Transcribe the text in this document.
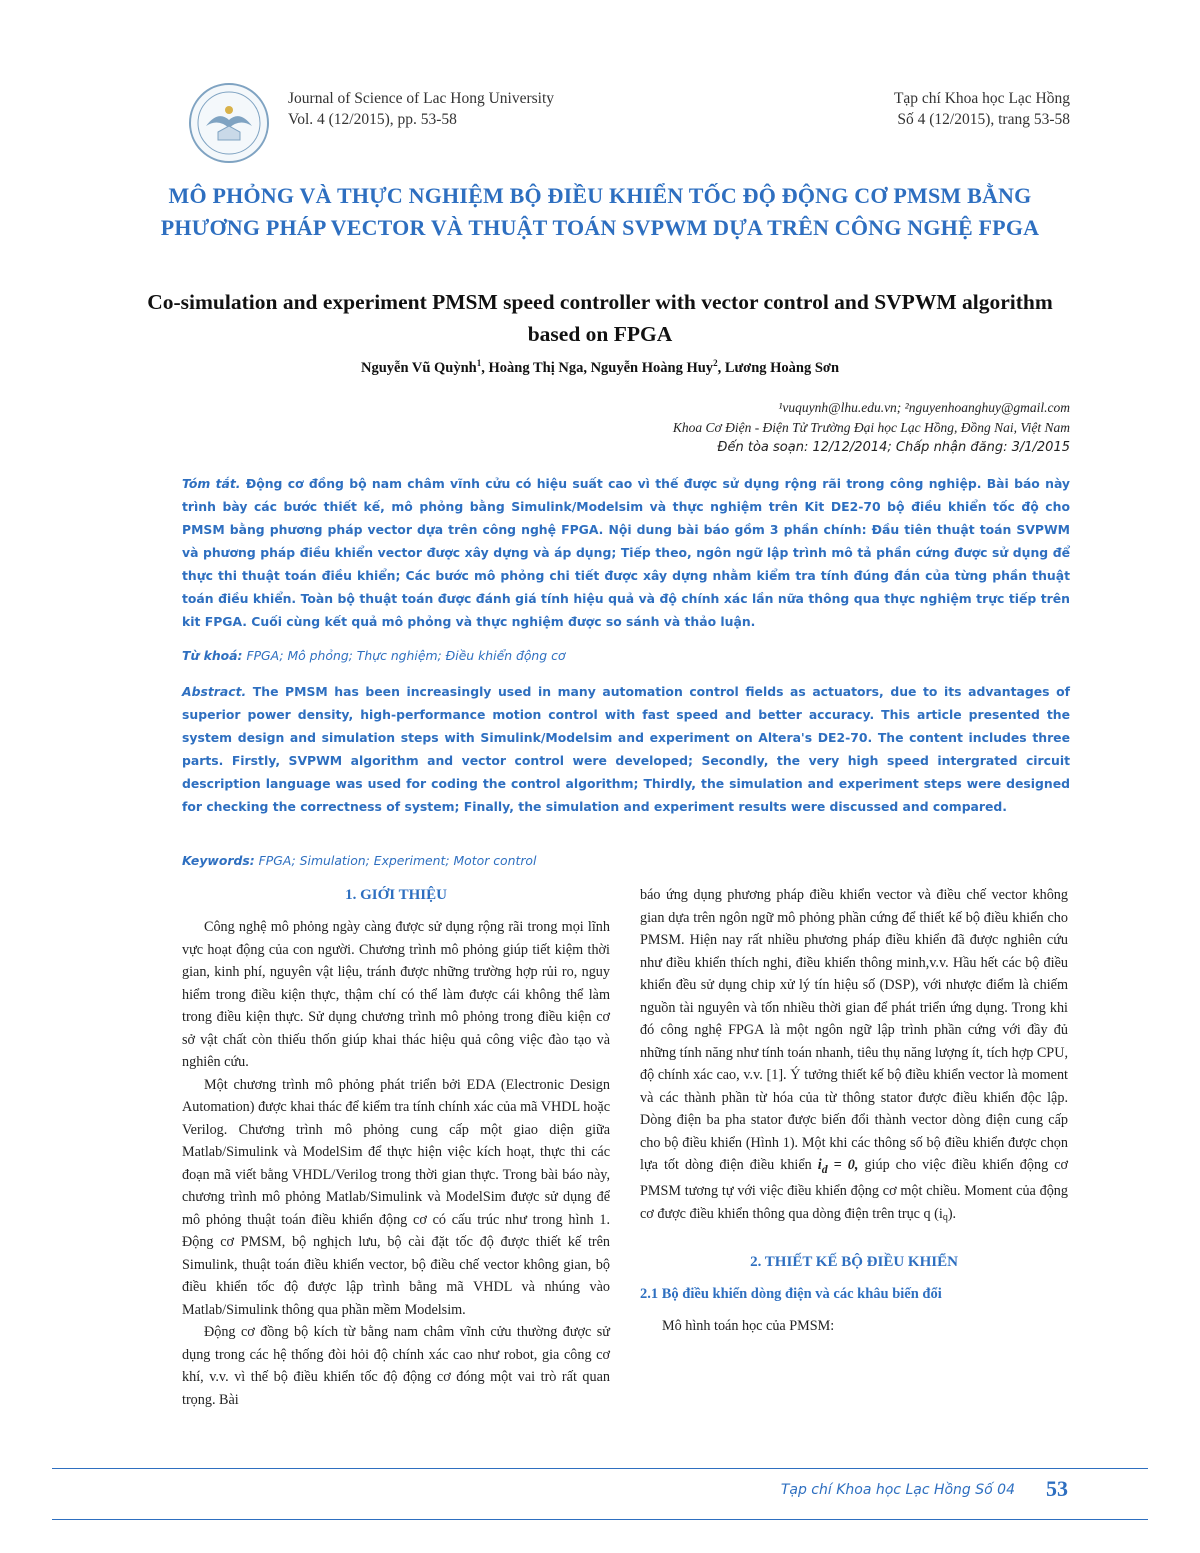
Journal of Science of Lac Hong University
Vol. 4 (12/2015), pp. 53-58
Tạp chí Khoa học Lạc Hồng
Số 4 (12/2015), trang 53-58
MÔ PHỎNG VÀ THỰC NGHIỆM BỘ ĐIỀU KHIỂN TỐC ĐỘ ĐỘNG CƠ PMSM BẰNG PHƯƠNG PHÁP VECTOR VÀ THUẬT TOÁN SVPWM DỰA TRÊN CÔNG NGHỆ FPGA
Co-simulation and experiment PMSM speed controller with vector control and SVPWM algorithm based on FPGA
Nguyễn Vũ Quỳnh$^1$, Hoàng Thị Nga, Nguyễn Hoàng Huy$^2$, Lương Hoàng Sơn
¹vuquynh@lhu.edu.vn; ²nguyenhoanghuy@gmail.com
Khoa Cơ Điện - Điện Tử Trường Đại học Lạc Hồng, Đồng Nai, Việt Nam
Đến tòa soạn: 12/12/2014; Chấp nhận đăng: 3/1/2015
Tóm tắt. Động cơ đồng bộ nam châm vĩnh cửu có hiệu suất cao vì thế được sử dụng rộng rãi trong công nghiệp. Bài báo này trình bày các bước thiết kế, mô phỏng bằng Simulink/Modelsim và thực nghiệm trên Kit DE2-70 bộ điều khiển tốc độ cho PMSM bằng phương pháp vector dựa trên công nghệ FPGA. Nội dung bài báo gồm 3 phần chính: Đầu tiên thuật toán SVPWM và phương pháp điều khiển vector được xây dựng và áp dụng; Tiếp theo, ngôn ngữ lập trình mô tả phần cứng được sử dụng để thực thi thuật toán điều khiển; Các bước mô phỏng chi tiết được xây dựng nhằm kiểm tra tính đúng đắn của từng phần thuật toán điều khiển. Toàn bộ thuật toán được đánh giá tính hiệu quả và độ chính xác lần nữa thông qua thực nghiệm trực tiếp trên kit FPGA. Cuối cùng kết quả mô phỏng và thực nghiệm được so sánh và thảo luận.
Từ khoá: FPGA; Mô phỏng; Thực nghiệm; Điều khiển động cơ
Abstract. The PMSM has been increasingly used in many automation control fields as actuators, due to its advantages of superior power density, high-performance motion control with fast speed and better accuracy. This article presented the system design and simulation steps with Simulink/Modelsim and experiment on Altera's DE2-70. The content includes three parts. Firstly, SVPWM algorithm and vector control were developed; Secondly, the very high speed intergrated circuit description language was used for coding the control algorithm; Thirdly, the simulation and experiment steps were designed for checking the correctness of system; Finally, the simulation and experiment results were discussed and compared.
Keywords: FPGA; Simulation; Experiment; Motor control
1. GIỚI THIỆU

Công nghệ mô phỏng ngày càng được sử dụng rộng rãi trong mọi lĩnh vực hoạt động của con người. Chương trình mô phỏng giúp tiết kiệm thời gian, kinh phí, nguyên vật liệu, tránh được những trường hợp rủi ro, nguy hiểm trong điều kiện thực, thậm chí có thể làm được cái không thể làm trong điều kiện thực. Sử dụng chương trình mô phỏng trong điều kiện cơ sở vật chất còn thiếu thốn giúp khai thác hiệu quả công việc đào tạo và nghiên cứu.

Một chương trình mô phỏng phát triển bởi EDA (Electronic Design Automation) được khai thác để kiểm tra tính chính xác của mã VHDL hoặc Verilog. Chương trình mô phỏng cung cấp một giao diện giữa Matlab/Simulink và ModelSim để thực hiện việc kích hoạt, thực thi các đoạn mã viết bằng VHDL/Verilog trong thời gian thực. Trong bài báo này, chương trình mô phỏng Matlab/Simulink và ModelSim được sử dụng để mô phỏng thuật toán điều khiển động cơ có cấu trúc như trong hình 1. Động cơ PMSM, bộ nghịch lưu, bộ cài đặt tốc độ được thiết kế trên Simulink, thuật toán điều khiển vector, bộ điều chế vector không gian, bộ điều khiển tốc độ được lập trình bằng mã VHDL và nhúng vào Matlab/Simulink thông qua phần mềm Modelsim.

Động cơ đồng bộ kích từ bằng nam châm vĩnh cửu thường được sử dụng trong các hệ thống đòi hỏi độ chính xác cao như robot, gia công cơ khí, v.v. vì thế bộ điều khiển tốc độ động cơ đóng một vai trò rất quan trọng. Bài

báo ứng dụng phương pháp điều khiển vector và điều chế vector không gian dựa trên ngôn ngữ mô phỏng phần cứng để thiết kế bộ điều khiển cho PMSM. Hiện nay rất nhiều phương pháp điều khiển đã được nghiên cứu như điều khiển thích nghi, điều khiển thông minh,v.v. Hầu hết các bộ điều khiển đều sử dụng chip xử lý tín hiệu số (DSP), với nhược điểm là chiếm nguồn tài nguyên và tốn nhiều thời gian để phát triển ứng dụng. Trong khi đó công nghệ FPGA là một ngôn ngữ lập trình phần cứng với đầy đủ những tính năng như tính toán nhanh, tiêu thụ năng lượng ít, tích hợp CPU, độ chính xác cao, v.v. [1]. Ý tưởng thiết kế bộ điều khiển vector là moment và các thành phần từ hóa của từ thông stator được điều khiển độc lập. Dòng điện ba pha stator được biến đổi thành vector dòng điện cung cấp cho bộ điều khiển (Hình 1). Một khi các thông số bộ điều khiển được chọn lựa tốt dòng điện điều khiển $i_d = 0$, giúp cho việc điều khiển động cơ PMSM tương tự với việc điều khiển động cơ một chiều. Moment của động cơ được điều khiển thông qua dòng điện trên trục q $(i_q)$.

2. THIẾT KẾ BỘ ĐIỀU KHIỂN
2.1 Bộ điều khiển dòng điện và các khâu biến đổi

Mô hình toán học của PMSM:

Tạp chí Khoa học Lạc Hồng Số 04 53
